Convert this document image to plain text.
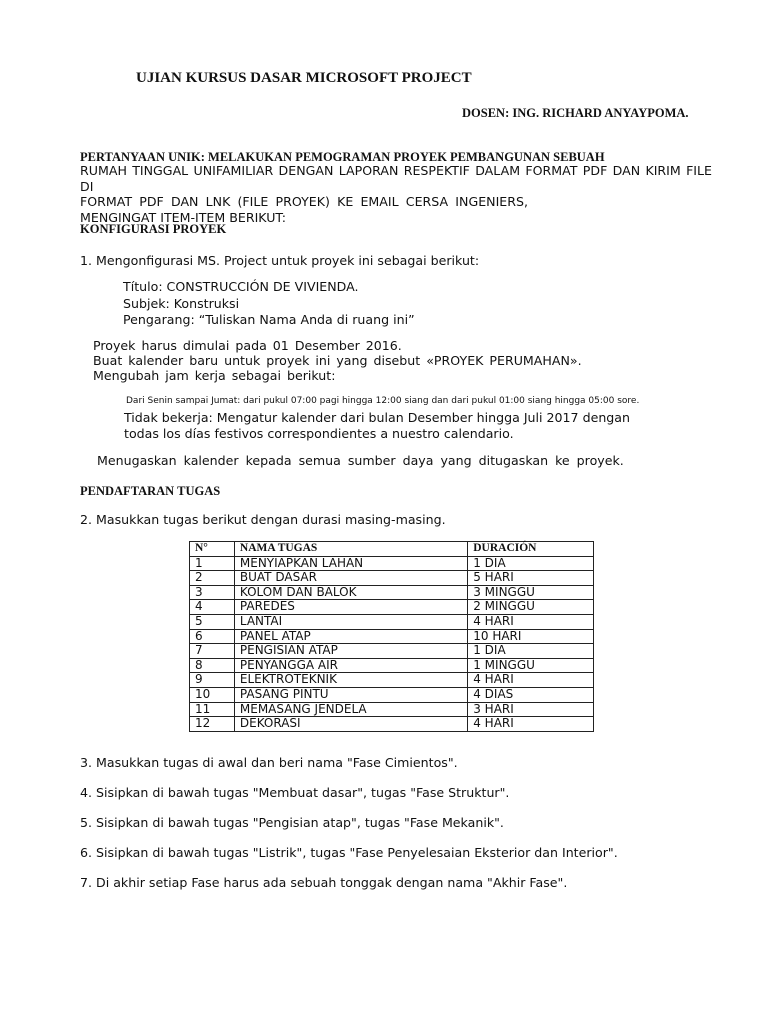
UJIAN KURSUS DASAR MICROSOFT PROJECT
DOSEN: ING. RICHARD ANYAYPOMA.
PERTANYAAN UNIK: MELAKUKAN PEMOGRAMAN PROYEK PEMBANGUNAN SEBUAH
RUMAH TINGGAL UNIFAMILIAR DENGAN LAPORAN RESPEKTIF DALAM FORMAT PDF DAN KIRIM FILE DI
FORMAT PDF DAN LNK (FILE PROYEK) KE EMAIL CERSA INGENIERS,
MENGINGAT ITEM-ITEM BERIKUT:
KONFIGURASI PROYEK
1. Mengonfigurasi MS. Project untuk proyek ini sebagai berikut:
Título: CONSTRUCCIÓN DE VIVIENDA.
Subjek: Konstruksi
Pengarang: “Tuliskan Nama Anda di ruang ini”
Proyek harus dimulai pada 01 Desember 2016.
Buat kalender baru untuk proyek ini yang disebut «PROYEK PERUMAHAN».
Mengubah jam kerja sebagai berikut:
Dari Senin sampai Jumat: dari pukul 07:00 pagi hingga 12:00 siang dan dari pukul 01:00 siang hingga 05:00 sore.
Tidak bekerja: Mengatur kalender dari bulan Desember hingga Juli 2017 dengan
todas los días festivos correspondientes a nuestro calendario.
Menugaskan kalender kepada semua sumber daya yang ditugaskan ke proyek.
PENDAFTARAN TUGAS
2. Masukkan tugas berikut dengan durasi masing-masing.
N°	NAMA TUGAS	DURACIÓN
1	MENYIAPKAN LAHAN	1 DIA
2	BUAT DASAR	5 HARI
3	KOLOM DAN BALOK	3 MINGGU
4	PAREDES	2 MINGGU
5	LANTAI	4 HARI
6	PANEL ATAP	10 HARI
7	PENGISIAN ATAP	1 DIA
8	PENYANGGA AIR	1 MINGGU
9	ELEKTROTEKNIK	4 HARI
10	PASANG PINTU	4 DIAS
11	MEMASANG JENDELA	3 HARI
12	DEKORASI	4 HARI
3. Masukkan tugas di awal dan beri nama "Fase Cimientos".
4. Sisipkan di bawah tugas "Membuat dasar", tugas "Fase Struktur".
5. Sisipkan di bawah tugas "Pengisian atap", tugas "Fase Mekanik".
6. Sisipkan di bawah tugas "Listrik", tugas "Fase Penyelesaian Eksterior dan Interior".
7. Di akhir setiap Fase harus ada sebuah tonggak dengan nama "Akhir Fase".
